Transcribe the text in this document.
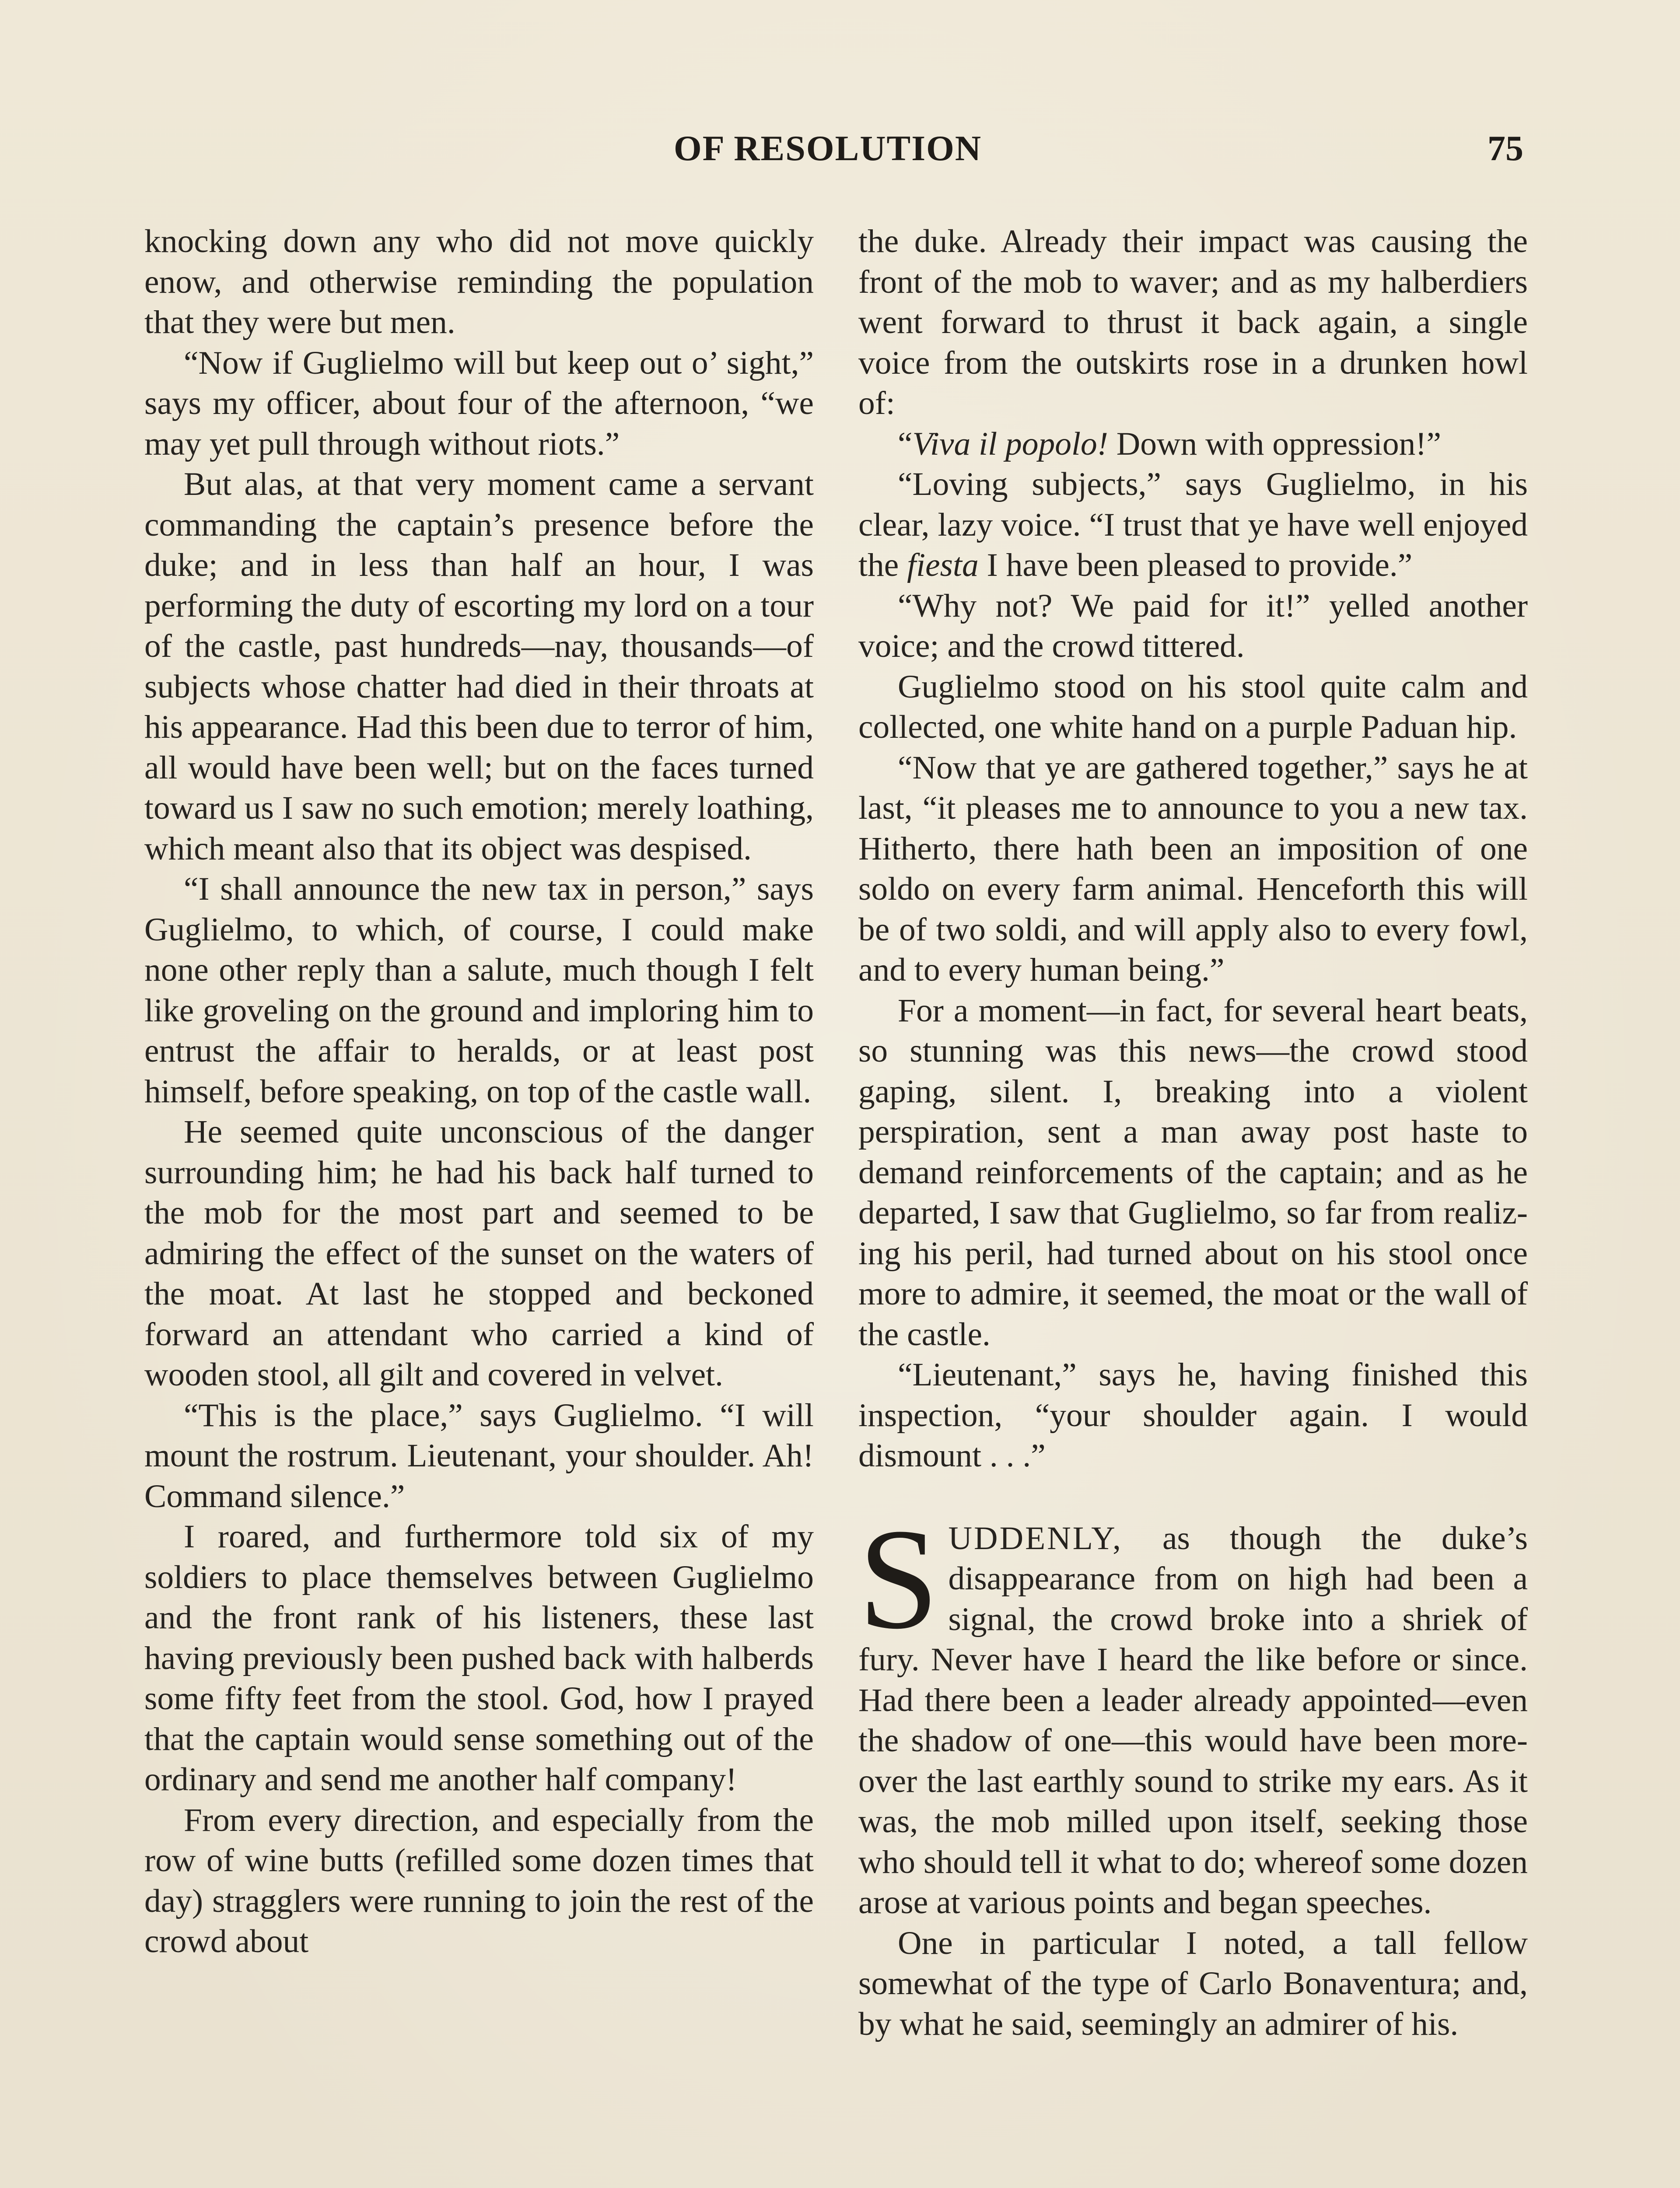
OF RESOLUTION	75

knocking down any who did not move quickly enow, and otherwise reminding the population that they were but men.

“Now if Guglielmo will but keep out o’ sight,” says my officer, about four of the afternoon, “we may yet pull through without riots.”

But alas, at that very moment came a servant commanding the captain’s presence before the duke; and in less than half an hour, I was performing the duty of escorting my lord on a tour of the castle, past hundreds—nay, thousands—of subjects whose chatter had died in their throats at his appearance. Had this been due to terror of him, all would have been well; but on the faces turned toward us I saw no such emotion; merely loathing, which meant also that its object was despised.

“I shall announce the new tax in person,” says Guglielmo, to which, of course, I could make none other reply than a salute, much though I felt like groveling on the ground and imploring him to entrust the affair to heralds, or at least post himself, before speaking, on top of the castle wall.

He seemed quite unconscious of the danger surrounding him; he had his back half turned to the mob for the most part and seemed to be admiring the effect of the sunset on the waters of the moat. At last he stopped and beckoned forward an attendant who carried a kind of wooden stool, all gilt and covered in velvet.

“This is the place,” says Guglielmo. “I will mount the rostrum. Lieutenant, your shoulder. Ah! Command silence.”

I roared, and furthermore told six of my soldiers to place themselves between Guglielmo and the front rank of his listeners, these last having previously been pushed back with halberds some fifty feet from the stool. God, how I prayed that the captain would sense something out of the ordinary and send me another half company!

From every direction, and especially from the row of wine butts (refilled some dozen times that day) stragglers were running to join the rest of the crowd about

the duke. Already their impact was causing the front of the mob to waver; and as my halberdiers went forward to thrust it back again, a single voice from the outskirts rose in a drunken howl of:

“Viva il popolo! Down with oppression!”

“Loving subjects,” says Guglielmo, in his clear, lazy voice. “I trust that ye have well enjoyed the fiesta I have been pleased to provide.”

“Why not? We paid for it!” yelled another voice; and the crowd tittered.

Guglielmo stood on his stool quite calm and collected, one white hand on a purple Paduan hip.

“Now that ye are gathered together,” says he at last, “it pleases me to announce to you a new tax. Hitherto, there hath been an imposition of one soldo on every farm animal. Henceforth this will be of two soldi, and will apply also to every fowl, and to every human being.”

For a moment—in fact, for several heart beats, so stunning was this news—the crowd stood gaping, silent. I, breaking into a violent perspiration, sent a man away post haste to demand reinforcements of the captain; and as he departed, I saw that Guglielmo, so far from realizing his peril, had turned about on his stool once more to admire, it seemed, the moat or the wall of the castle.

“Lieutenant,” says he, having finished this inspection, “your shoulder again. I would dismount . . .”

SUDDENLY, as though the duke’s disappearance from on high had been a signal, the crowd broke into a shriek of fury. Never have I heard the like before or since. Had there been a leader already appointed—even the shadow of one—this would have been moreover the last earthly sound to strike my ears. As it was, the mob milled upon itself, seeking those who should tell it what to do; whereof some dozen arose at various points and began speeches.

One in particular I noted, a tall fellow somewhat of the type of Carlo Bonaventura; and, by what he said, seemingly an admirer of his.
